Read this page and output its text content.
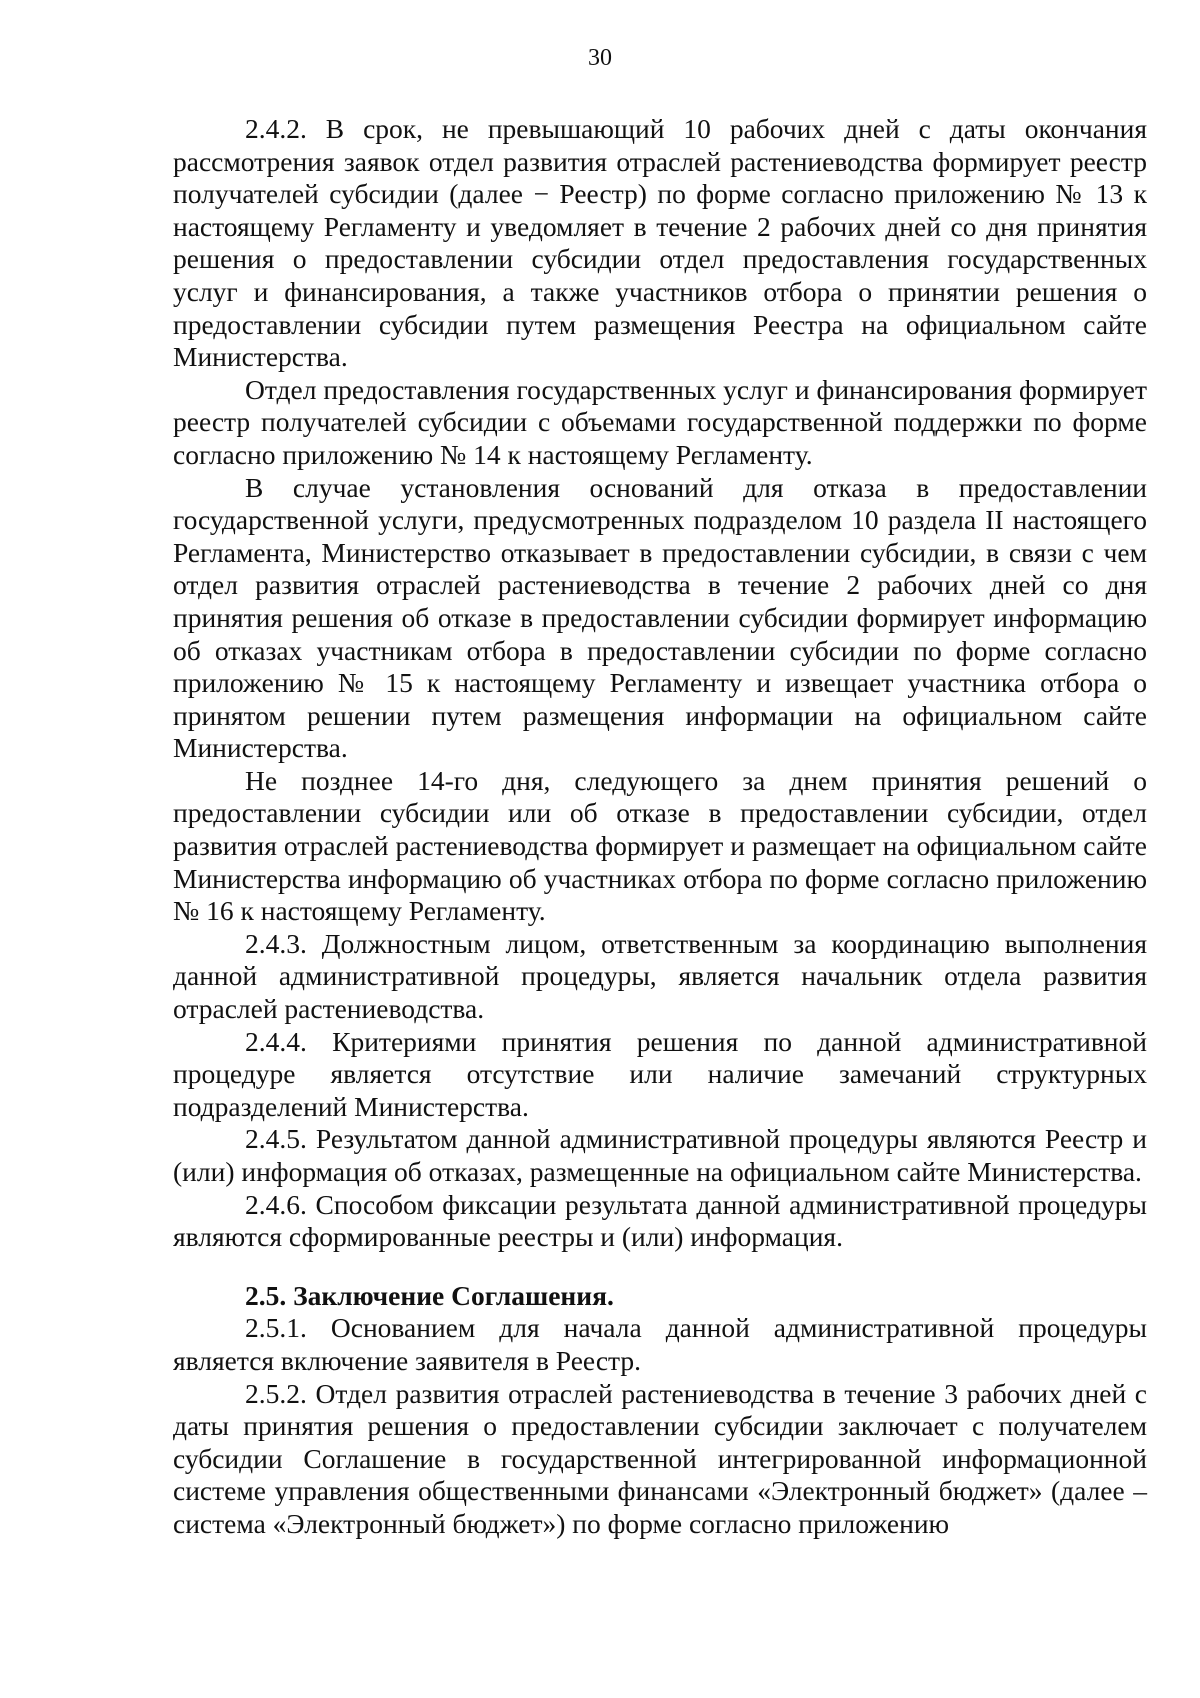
30

2.4.2. В срок, не превышающий 10 рабочих дней с даты окончания рассмотрения заявок отдел развития отраслей растениеводства формирует реестр получателей субсидии (далее − Реестр) по форме согласно приложению № 13 к настоящему Регламенту и уведомляет в течение 2 рабочих дней со дня принятия решения о предоставлении субсидии отдел предоставления государственных услуг и финансирования, а также участников отбора о принятии решения о предоставлении субсидии путем размещения Реестра на официальном сайте Министерства.

Отдел предоставления государственных услуг и финансирования формирует реестр получателей субсидии с объемами государственной поддержки по форме согласно приложению № 14 к настоящему Регламенту.

В случае установления оснований для отказа в предоставлении государственной услуги, предусмотренных подразделом 10 раздела II настоящего Регламента, Министерство отказывает в предоставлении субсидии, в связи с чем отдел развития отраслей растениеводства в течение 2 рабочих дней со дня принятия решения об отказе в предоставлении субсидии формирует информацию об отказах участникам отбора в предоставлении субсидии по форме согласно приложению № 15 к настоящему Регламенту и извещает участника отбора о принятом решении путем размещения информации на официальном сайте Министерства.

Не позднее 14-го дня, следующего за днем принятия решений о предоставлении субсидии или об отказе в предоставлении субсидии, отдел развития отраслей растениеводства формирует и размещает на официальном сайте Министерства информацию об участниках отбора по форме согласно приложению № 16 к настоящему Регламенту.

2.4.3. Должностным лицом, ответственным за координацию выполнения данной административной процедуры, является начальник отдела развития отраслей растениеводства.

2.4.4. Критериями принятия решения по данной административной процедуре является отсутствие или наличие замечаний структурных подразделений Министерства.

2.4.5. Результатом данной административной процедуры являются Реестр и (или) информация об отказах, размещенные на официальном сайте Министерства.

2.4.6. Способом фиксации результата данной административной процедуры являются сформированные реестры и (или) информация.

2.5. Заключение Соглашения.

2.5.1. Основанием для начала данной административной процедуры является включение заявителя в Реестр.

2.5.2. Отдел развития отраслей растениеводства в течение 3 рабочих дней с даты принятия решения о предоставлении субсидии заключает с получателем субсидии Соглашение в государственной интегрированной информационной системе управления общественными финансами «Электронный бюджет» (далее – система «Электронный бюджет») по форме согласно приложению
